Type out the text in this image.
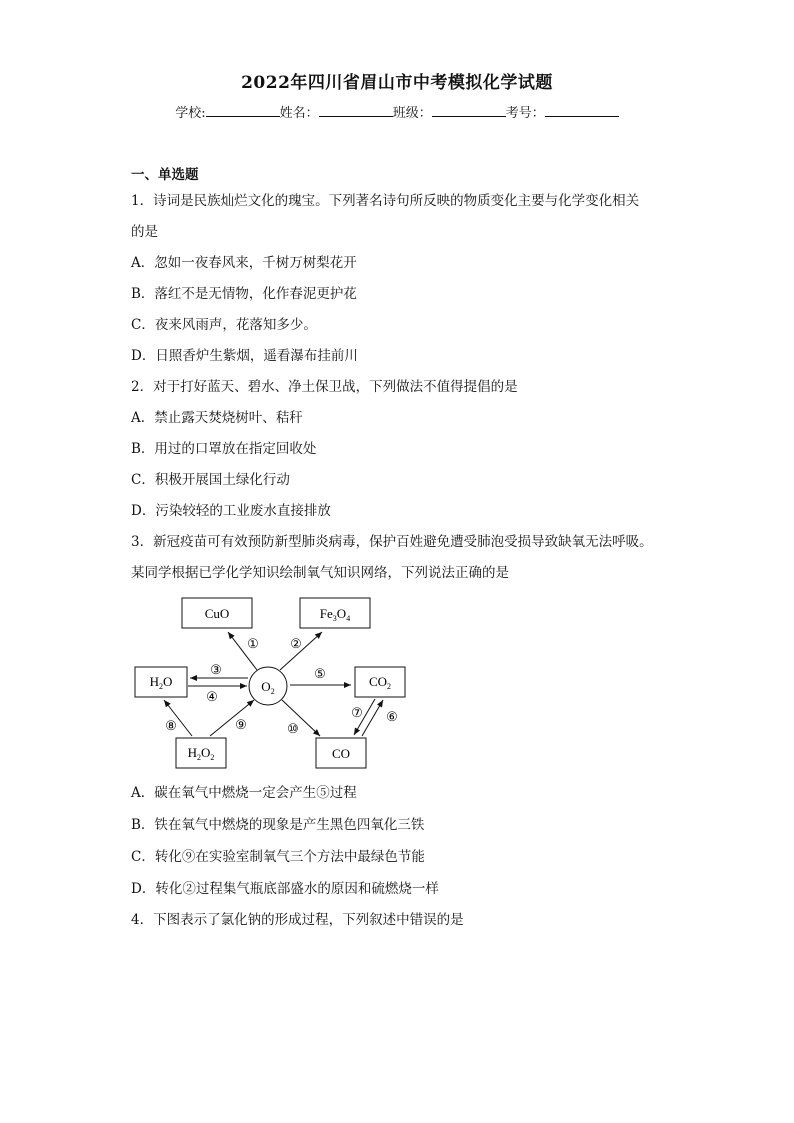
2022年四川省眉山市中考模拟化学试题
学校:	姓名：	班级：	考号：
一、单选题
1．诗词是民族灿烂文化的瑰宝。下列著名诗句所反映的物质变化主要与化学变化相关
的是
A．忽如一夜春风来，千树万树梨花开
B．落红不是无情物，化作春泥更护花
C．夜来风雨声，花落知多少。
D．日照香炉生紫烟，遥看瀑布挂前川
2．对于打好蓝天、碧水、净土保卫战，下列做法不值得提倡的是
A．禁止露天焚烧树叶、秸秆
B．用过的口罩放在指定回收处
C．积极开展国土绿化行动
D．污染较轻的工业废水直接排放
3．新冠疫苗可有效预防新型肺炎病毒，保护百姓避免遭受肺泡受损导致缺氧无法呼吸。
某同学根据已学化学知识绘制氧气知识网络，下列说法正确的是
$O_2$
CuO	$Fe_3O_4$
$H_2O$	$CO_2$
$H_2O_2$	CO
① ②
③
④
⑤
⑥
⑦
⑧	⑨	⑩
A．碳在氧气中燃烧一定会产生⑤过程
B．铁在氧气中燃烧的现象是产生黑色四氧化三铁
C．转化⑨在实验室制氧气三个方法中最绿色节能
D．转化②过程集气瓶底部盛水的原因和硫燃烧一样
4．下图表示了氯化钠的形成过程，下列叙述中错误的是
